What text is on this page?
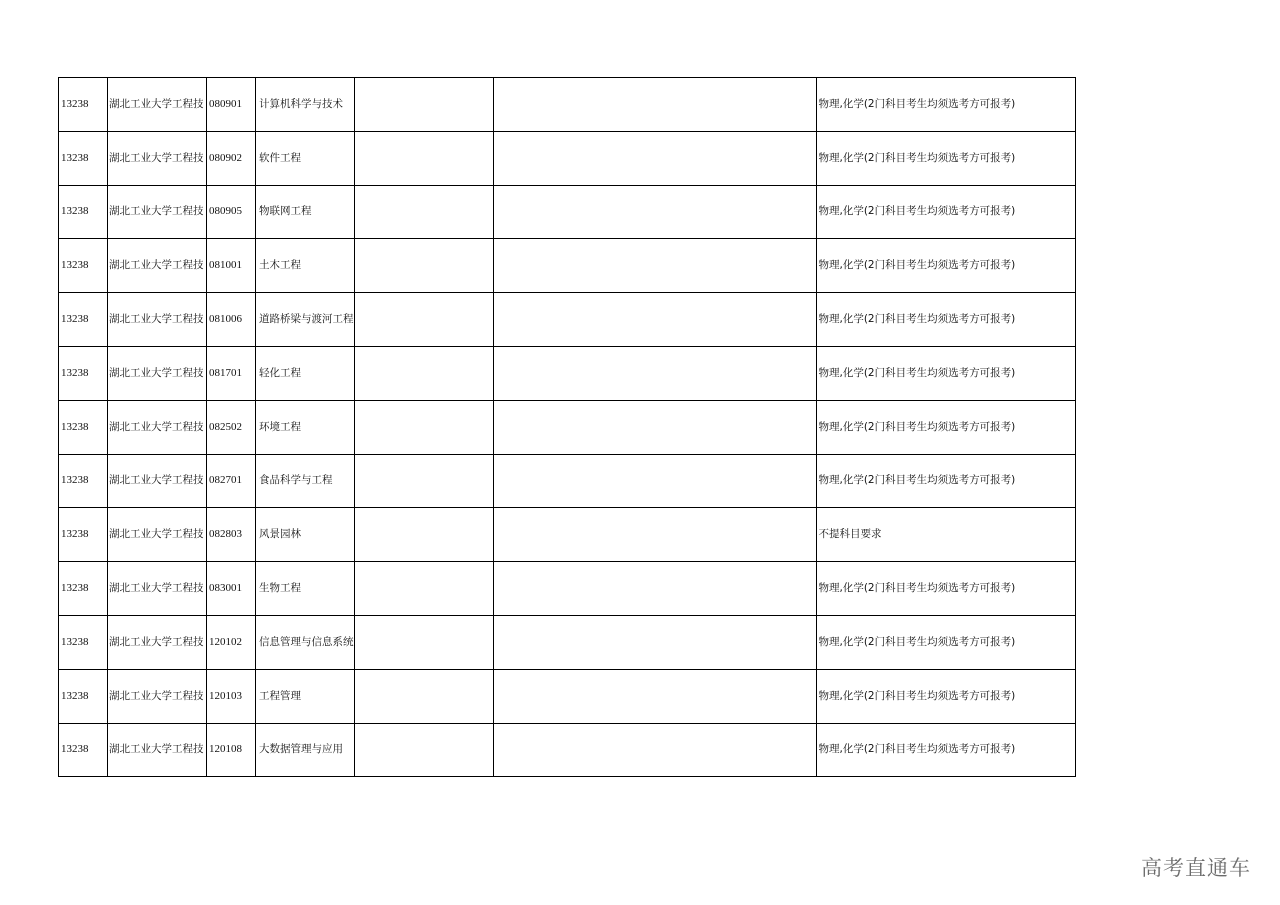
13238	湖北工业大学工程技	080901	计算机科学与技术			物理,化学(2门科目考生均须选考方可报考)
13238	湖北工业大学工程技	080902	软件工程			物理,化学(2门科目考生均须选考方可报考)
13238	湖北工业大学工程技	080905	物联网工程			物理,化学(2门科目考生均须选考方可报考)
13238	湖北工业大学工程技	081001	土木工程			物理,化学(2门科目考生均须选考方可报考)
13238	湖北工业大学工程技	081006	道路桥梁与渡河工程			物理,化学(2门科目考生均须选考方可报考)
13238	湖北工业大学工程技	081701	轻化工程			物理,化学(2门科目考生均须选考方可报考)
13238	湖北工业大学工程技	082502	环境工程			物理,化学(2门科目考生均须选考方可报考)
13238	湖北工业大学工程技	082701	食品科学与工程			物理,化学(2门科目考生均须选考方可报考)
13238	湖北工业大学工程技	082803	风景园林			不提科目要求
13238	湖北工业大学工程技	083001	生物工程			物理,化学(2门科目考生均须选考方可报考)
13238	湖北工业大学工程技	120102	信息管理与信息系统			物理,化学(2门科目考生均须选考方可报考)
13238	湖北工业大学工程技	120103	工程管理			物理,化学(2门科目考生均须选考方可报考)
13238	湖北工业大学工程技	120108	大数据管理与应用			物理,化学(2门科目考生均须选考方可报考)
高考直通车
